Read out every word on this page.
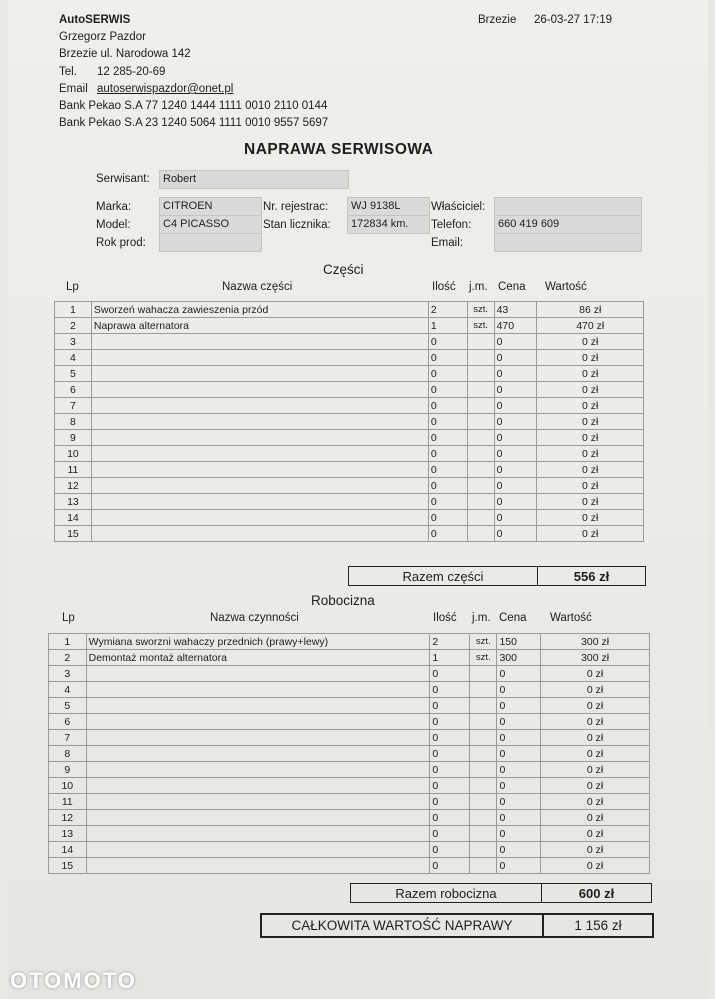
AutoSERWIS
Grzegorz Pazdor
Brzezie ul. Narodowa 142
Tel. 12 285-20-69
Email autoserwispazdor@onet.pl
Bank Pekao S.A 77 1240 1444 1111 0010 2110 0144
Bank Pekao S.A 23 1240 5064 1111 0010 9557 5697
Brzezie 26-03-27 17:19
NAPRAWA SERWISOWA
Serwisant:	Robert
Marka:	CITROEN
Model:	C4 PICASSO
Rok prod:
Nr. rejestrac:	WJ 9138L
Stan licznika:	172834 km.
Właściciel:
Telefon:	660 419 609
Email:
Części
Lp	Nazwa części	Ilość j.m. Cena Wartość
1	Sworzeń wahacza zawieszenia przód	2	szt.	43	86 zł
2	Naprawa alternatora	1	szt.	470	470 zł
3		0		0	0 zł
4		0		0	0 zł
5		0		0	0 zł
6		0		0	0 zł
7		0		0	0 zł
8		0		0	0 zł
9		0		0	0 zł
10		0		0	0 zł
11		0		0	0 zł
12		0		0	0 zł
13		0		0	0 zł
14		0		0	0 zł
15		0		0	0 zł
Razem części	556 zł
Robocizna
Lp	Nazwa czynności	Ilość j.m. Cena Wartość
1	Wymiana sworzni wahaczy przednich (prawy+lewy)	2	szt.	150	300 zł
2	Demontaż montaż alternatora	1	szt.	300	300 zł
3		0		0	0 zł
4		0		0	0 zł
5		0		0	0 zł
6		0		0	0 zł
7		0		0	0 zł
8		0		0	0 zł
9		0		0	0 zł
10		0		0	0 zł
11		0		0	0 zł
12		0		0	0 zł
13		0		0	0 zł
14		0		0	0 zł
15		0		0	0 zł
Razem robocizna	600 zł
CAŁKOWITA WARTOŚĆ NAPRAWY	1 156 zł
OTOMOTO
